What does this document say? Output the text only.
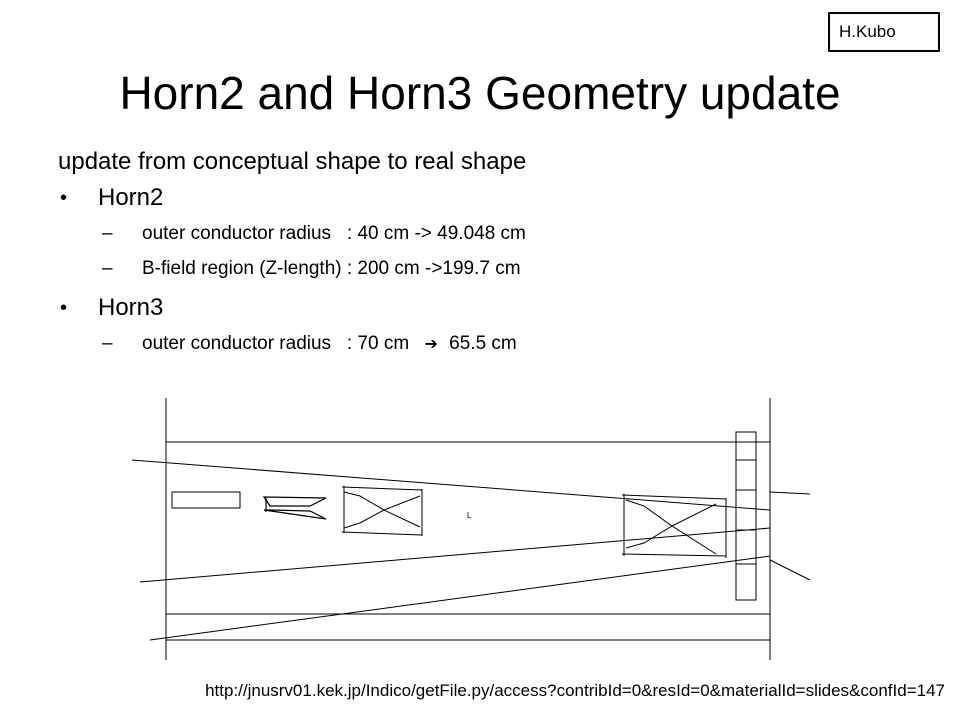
H.Kubo
Horn2 and Horn3 Geometry update
update from conceptual shape to real shape
• Horn2
– outer conductor radius   : 40 cm -> 49.048 cm
– B-field region (Z-length) : 200 cm ->199.7 cm
• Horn3
– outer conductor radius   : 70 cm ➔ 65.5 cm
L
http://jnusrv01.kek.jp/Indico/getFile.py/access?contribId=0&resId=0&materialId=slides&confId=147
